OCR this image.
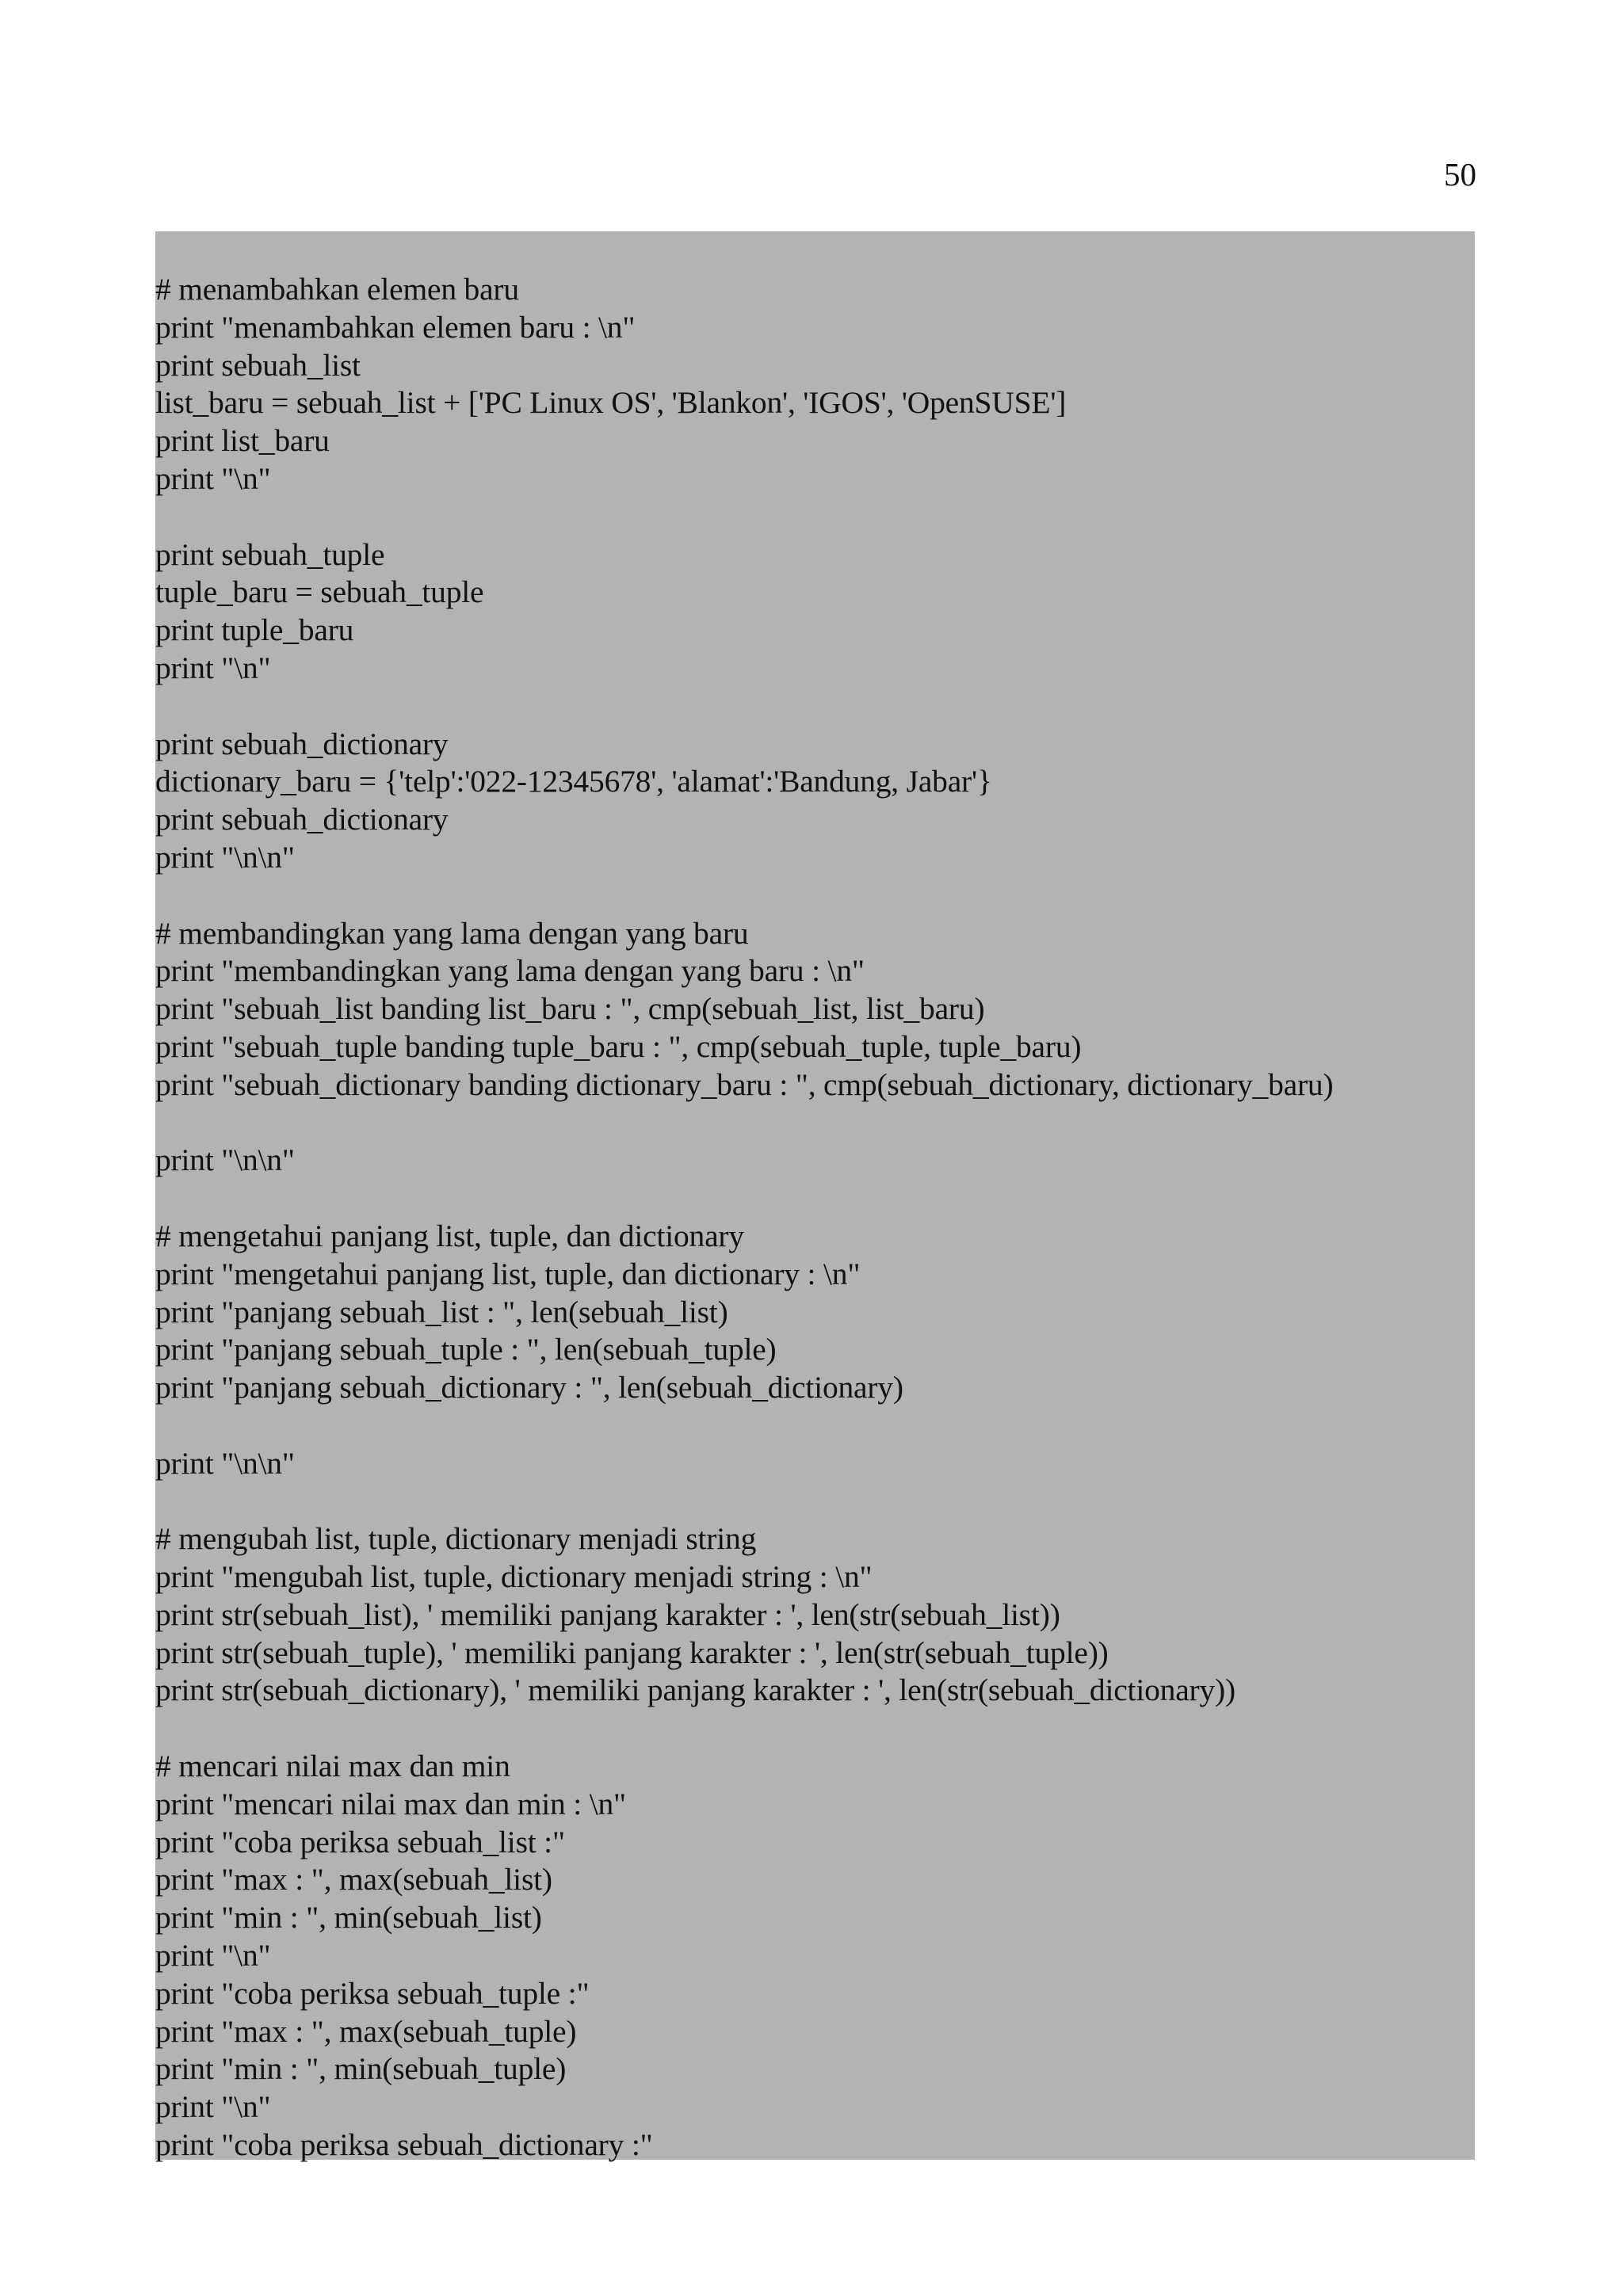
50
# menambahkan elemen baru
print "menambahkan elemen baru : \n"
print sebuah_list
list_baru = sebuah_list + ['PC Linux OS', 'Blankon', 'IGOS', 'OpenSUSE']
print list_baru
print "\n"
print sebuah_tuple
tuple_baru = sebuah_tuple
print tuple_baru
print "\n"
print sebuah_dictionary
dictionary_baru = {'telp':'022-12345678', 'alamat':'Bandung, Jabar'}
print sebuah_dictionary
print "\n\n"
# membandingkan yang lama dengan yang baru
print "membandingkan yang lama dengan yang baru : \n"
print "sebuah_list banding list_baru : ", cmp(sebuah_list, list_baru)
print "sebuah_tuple banding tuple_baru : ", cmp(sebuah_tuple, tuple_baru)
print "sebuah_dictionary banding dictionary_baru : ", cmp(sebuah_dictionary, dictionary_baru)
print "\n\n"
# mengetahui panjang list, tuple, dan dictionary
print "mengetahui panjang list, tuple, dan dictionary : \n"
print "panjang sebuah_list : ", len(sebuah_list)
print "panjang sebuah_tuple : ", len(sebuah_tuple)
print "panjang sebuah_dictionary : ", len(sebuah_dictionary)
print "\n\n"
# mengubah list, tuple, dictionary menjadi string
print "mengubah list, tuple, dictionary menjadi string : \n"
print str(sebuah_list), ' memiliki panjang karakter : ', len(str(sebuah_list))
print str(sebuah_tuple), ' memiliki panjang karakter : ', len(str(sebuah_tuple))
print str(sebuah_dictionary), ' memiliki panjang karakter : ', len(str(sebuah_dictionary))
# mencari nilai max dan min
print "mencari nilai max dan min : \n"
print "coba periksa sebuah_list :"
print "max : ", max(sebuah_list)
print "min : ", min(sebuah_list)
print "\n"
print "coba periksa sebuah_tuple :"
print "max : ", max(sebuah_tuple)
print "min : ", min(sebuah_tuple)
print "\n"
print "coba periksa sebuah_dictionary :"
